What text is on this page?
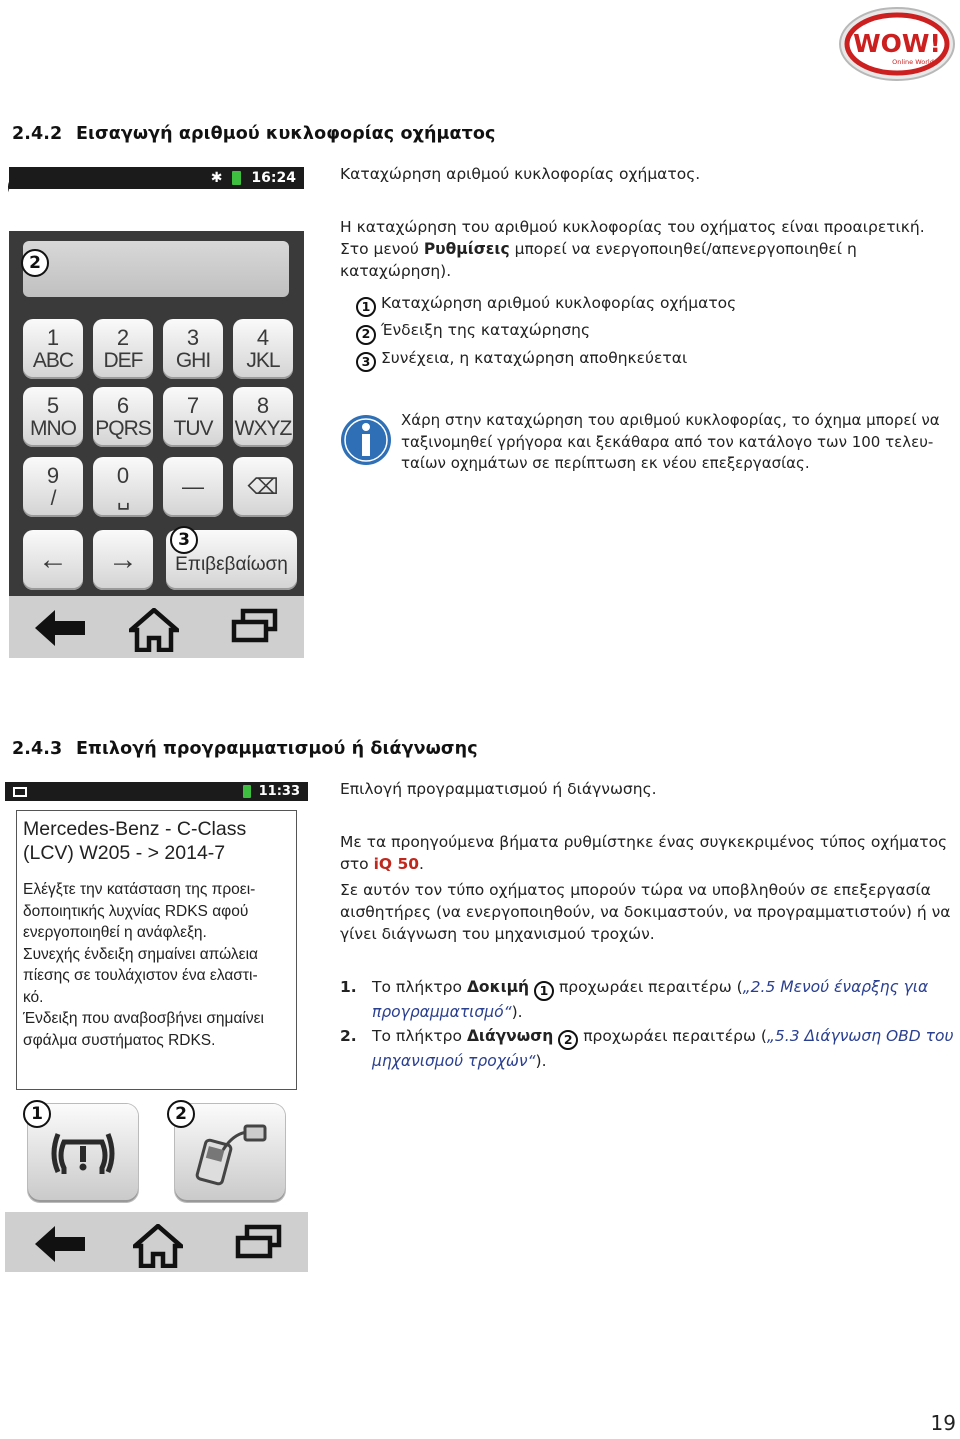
WOW!
Online World
2.4.2 Εισαγωγή αριθμού κυκλοφορίας οχήματος
✱ 16:24
2
1
ABC
2
DEF
3
GHI
4
JKL
5
MNO
6
PQRS
7
TUV
8
WXYZ
9
/
0
␣ — ⌫
← → Επιβεβαίωση
3
Καταχώρηση αριθμού κυκλοφορίας οχήματος.
Η καταχώρηση του αριθμού κυκλοφορίας του οχήματος είναι προαιρετική. Στο μενού Ρυθμίσεις μπορεί να ενεργοποιηθεί/απενεργοποιηθεί η καταχώρηση).
1 Καταχώρηση αριθμού κυκλοφορίας οχήματος
2 Ένδειξη της καταχώρησης
3 Συνέχεια, η καταχώρηση αποθηκεύεται
Χάρη στην καταχώρηση του αριθμού κυκλοφορίας, το όχημα μπορεί να
ταξινομηθεί γρήγορα και ξεκάθαρα από τον κατάλογο των 100 τελευ-
ταίων οχημάτων σε περίπτωση εκ νέου επεξεργασίας.
2.4.3 Επιλογή προγραμματισμού ή διάγνωσης
11:33
Mercedes-Benz - C-Class
(LCV) W205 - > 2014-7
Ελέγξτε την κατάσταση της προει-
δοποιητικής λυχνίας RDKS αφού
ενεργοποιηθεί η ανάφλεξη.
Συνεχής ένδειξη σημαίνει απώλεια
πίεσης σε τουλάχιστον ένα ελαστι-
κό.
Ένδειξη που αναβοσβήνει σημαίνει
σφάλμα συστήματος RDKS.
1	2
Επιλογή προγραμματισμού ή διάγνωσης.
Με τα προηγούμενα βήματα ρυθμίστηκε ένας συγκεκριμένος τύπος οχήματος στο iQ 50.
Σε αυτόν τον τύπο οχήματος μπορούν τώρα να υποβληθούν σε επεξεργασία
αισθητήρες (να ενεργοποιηθούν, να δοκιμαστούν, να προγραμματιστούν) ή να
γίνει διάγνωση του μηχανισμού τροχών.
1. Το πλήκτρο Δοκιμή 1 προχωράει περαιτέρω („2.5 Μενού έναρξης για
προγραμματισμό“).
2. Το πλήκτρο Διάγνωση 2 προχωράει περαιτέρω („5.3 Διάγνωση OBD του
μηχανισμού τροχών“).
19
